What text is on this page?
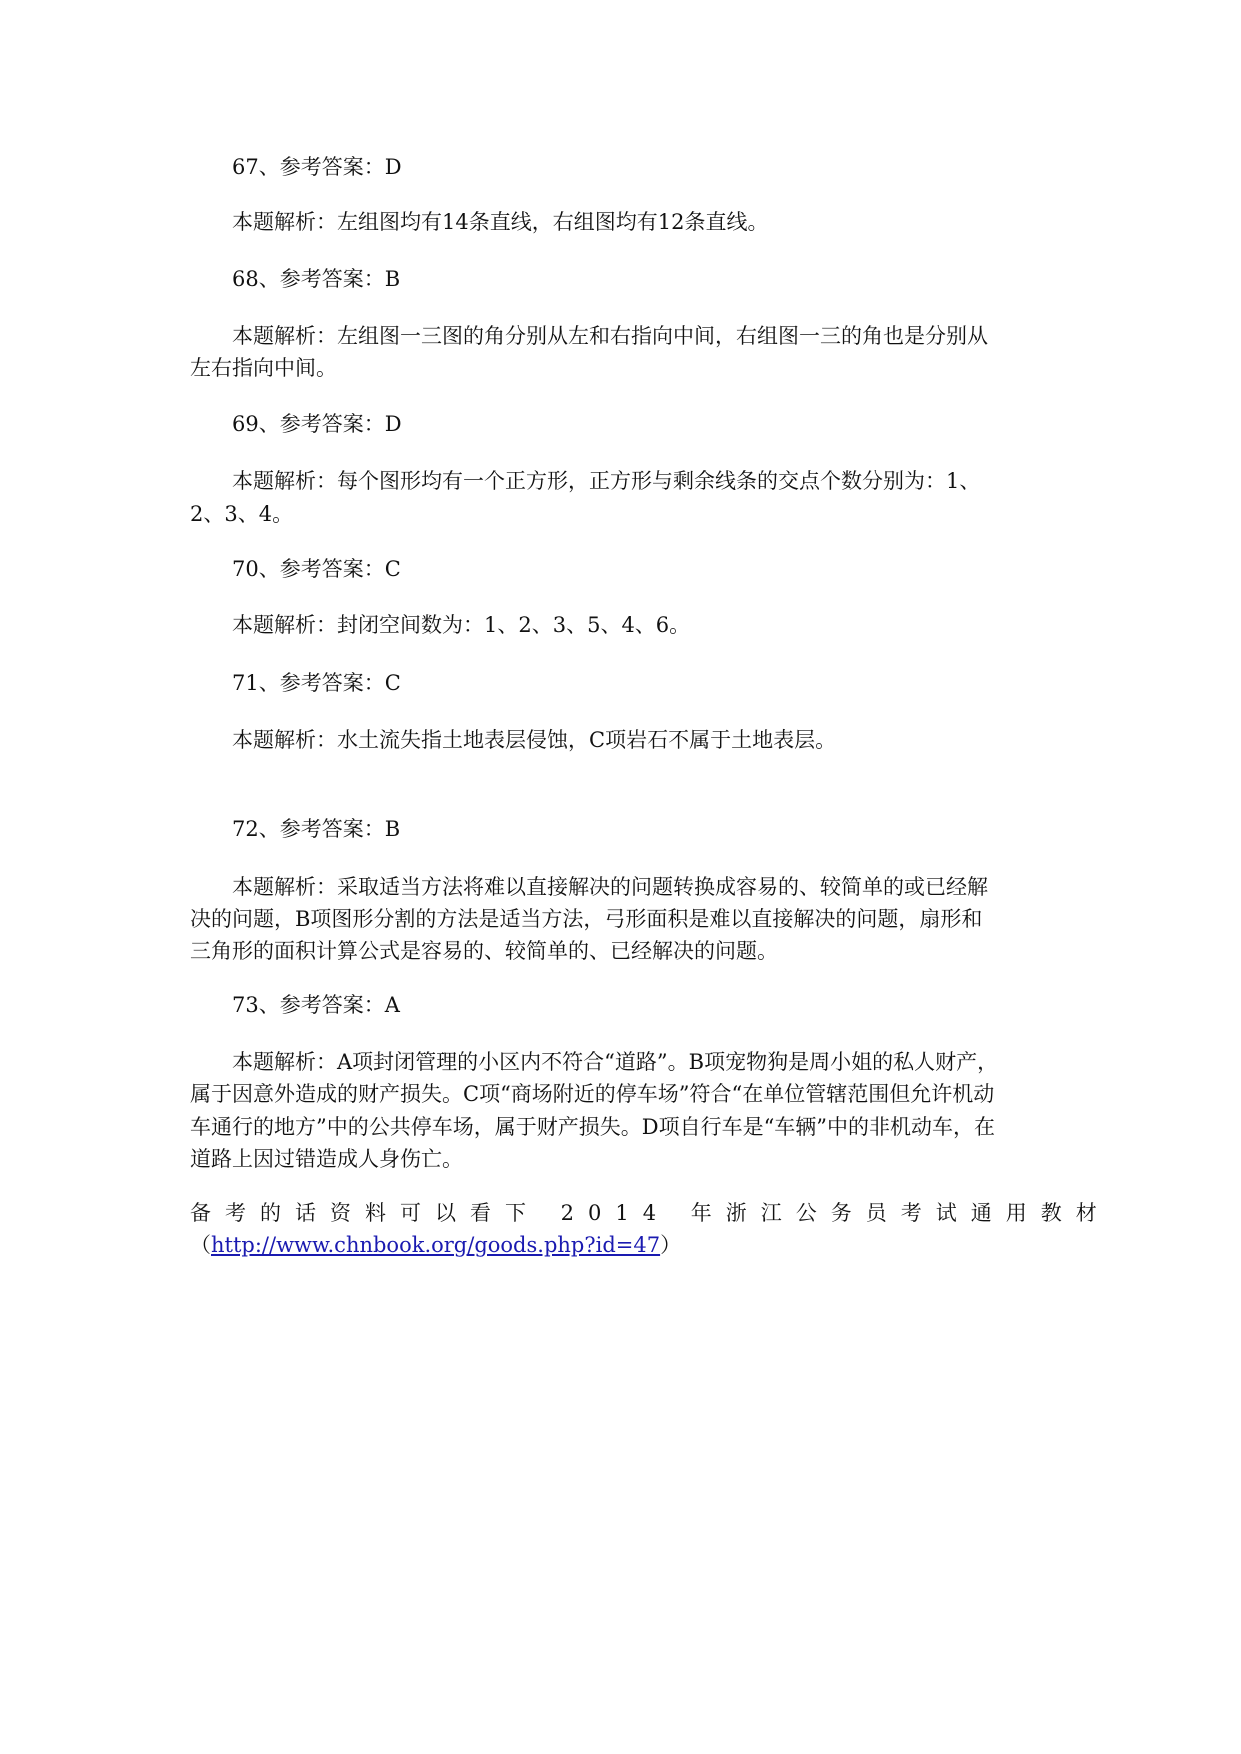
67、参考答案：D
本题解析：左组图均有14条直线，右组图均有12条直线。
68、参考答案：B
本题解析：左组图一三图的角分别从左和右指向中间，右组图一三的角也是分别从
左右指向中间。
69、参考答案：D
本题解析：每个图形均有一个正方形，正方形与剩余线条的交点个数分别为：1、
2、3、4。
70、参考答案：C
本题解析：封闭空间数为：1、2、3、5、4、6。
71、参考答案：C
本题解析：水土流失指土地表层侵蚀，C项岩石不属于土地表层。
72、参考答案：B
本题解析：采取适当方法将难以直接解决的问题转换成容易的、较简单的或已经解
决的问题，B项图形分割的方法是适当方法，弓形面积是难以直接解决的问题，扇形和
三角形的面积计算公式是容易的、较简单的、已经解决的问题。
73、参考答案：A
本题解析：A项封闭管理的小区内不符合“道路”。B项宠物狗是周小姐的私人财产，
属于因意外造成的财产损失。C项“商场附近的停车场”符合“在单位管辖范围但允许机动
车通行的地方”中的公共停车场，属于财产损失。D项自行车是“车辆”中的非机动车，在
道路上因过错造成人身伤亡。
备考的话资料可以看下 2014 年浙江公务员考试通用教材
（http://www.chnbook.org/goods.php?id=47）
